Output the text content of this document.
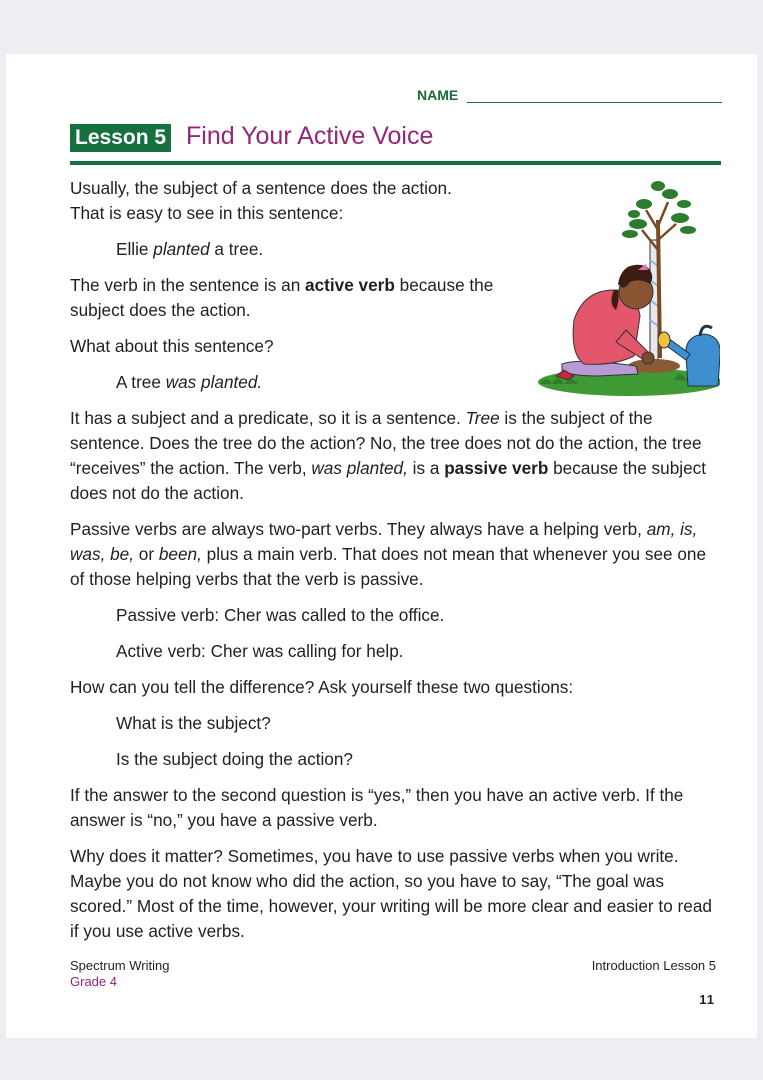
NAME
Lesson 5 Find Your Active Voice

Usually, the subject of a sentence does the action.
That is easy to see in this sentence:

Ellie planted a tree.

The verb in the sentence is an active verb because the subject does the action.

What about this sentence?

A tree was planted.

It has a subject and a predicate, so it is a sentence. Tree is the subject of the sentence. Does the tree do the action? No, the tree does not do the action, the tree “receives” the action. The verb, was planted, is a passive verb because the subject does not do the action.

Passive verbs are always two-part verbs. They always have a helping verb, am, is, was, be, or been, plus a main verb. That does not mean that whenever you see one of those helping verbs that the verb is passive.

Passive verb: Cher was called to the office.

Active verb: Cher was calling for help.

How can you tell the difference? Ask yourself these two questions:

What is the subject?

Is the subject doing the action?

If the answer to the second question is “yes,” then you have an active verb. If the answer is “no,” you have a passive verb.

Why does it matter? Sometimes, you have to use passive verbs when you write. Maybe you do not know who did the action, so you have to say, “The goal was scored.” Most of the time, however, your writing will be more clear and easier to read if you use active verbs.

Spectrum Writing
Grade 4
Introduction Lesson 5
11
